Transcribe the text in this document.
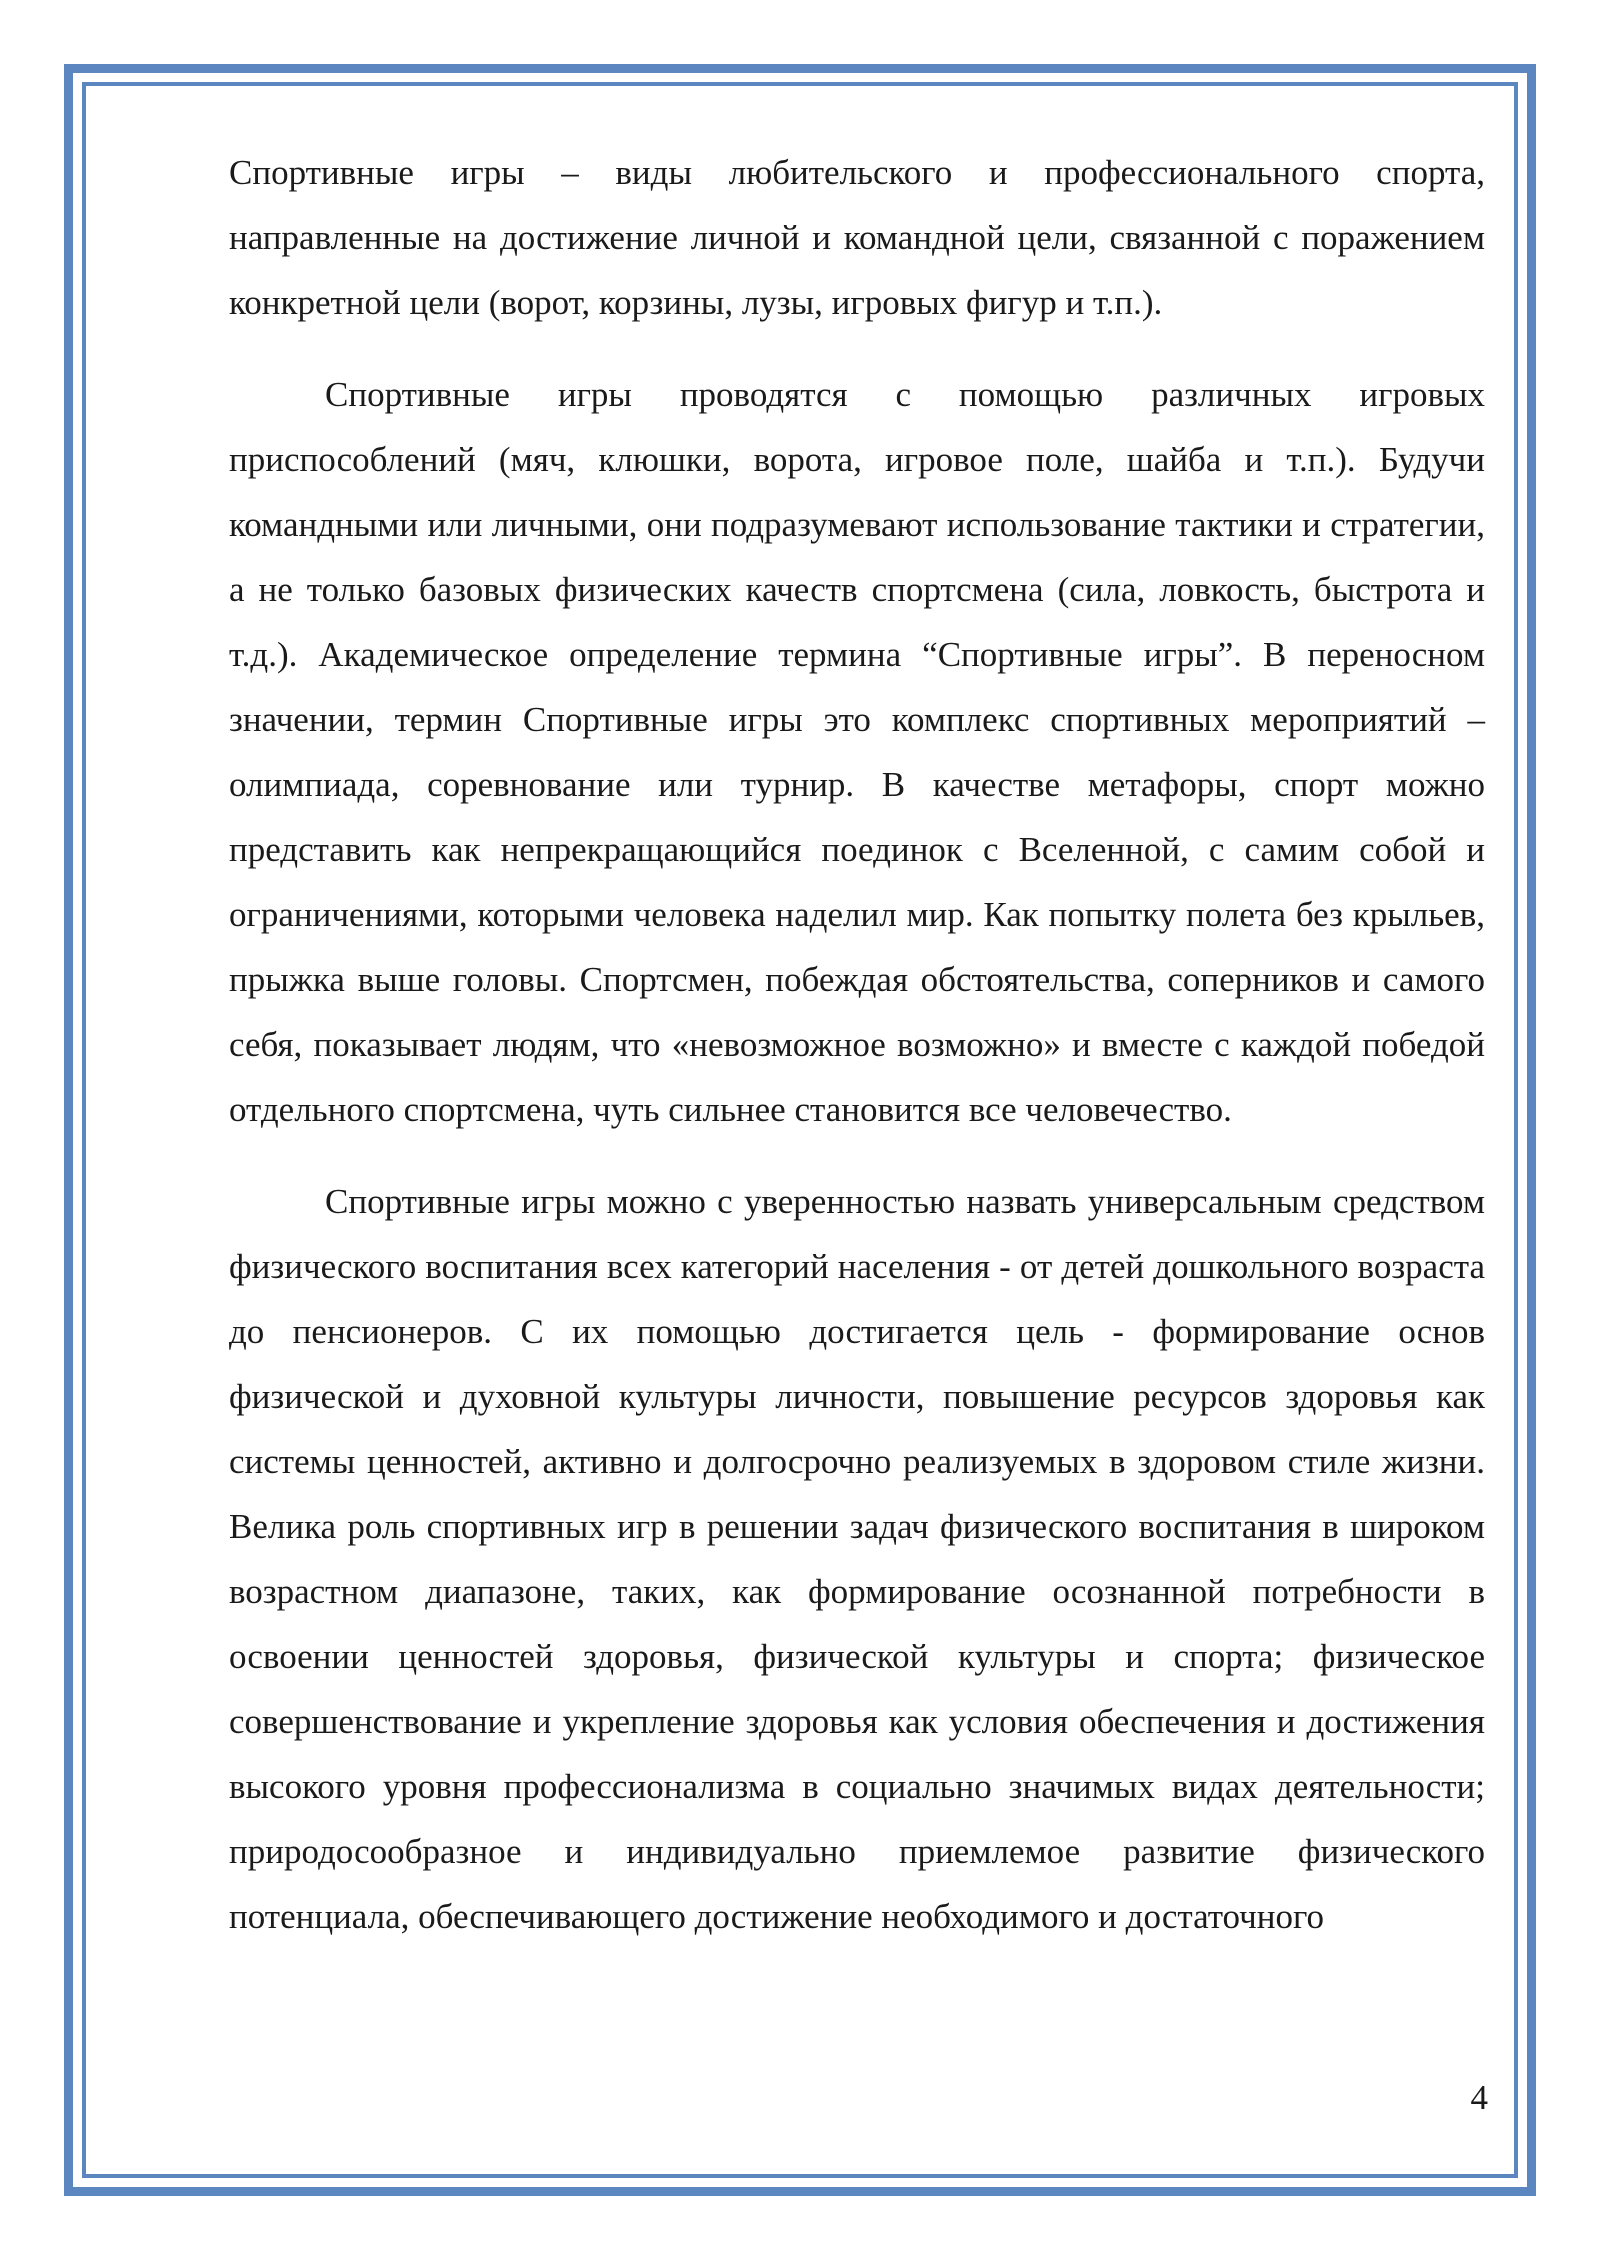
Спортивные игры – виды любительского и профессионального спорта, направленные на достижение личной и командной цели, связанной с поражением конкретной цели (ворот, корзины, лузы, игровых фигур и т.п.).

Спортивные игры проводятся с помощью различных игровых приспособлений (мяч, клюшки, ворота, игровое поле, шайба и т.п.). Будучи командными или личными, они подразумевают использование тактики и стратегии, а не только базовых физических качеств спортсмена (сила, ловкость, быстрота и т.д.). Академическое определение термина “Спортивные игры”. В переносном значении, термин Спортивные игры это комплекс спортивных мероприятий – олимпиада, соревнование или турнир. В качестве метафоры, спорт можно представить как непрекращающийся поединок с Вселенной, с самим собой и ограничениями, которыми человека наделил мир. Как попытку полета без крыльев, прыжка выше головы. Спортсмен, побеждая обстоятельства, соперников и самого себя, показывает людям, что «невозможное возможно» и вместе с каждой победой отдельного спортсмена, чуть сильнее становится все человечество.

Спортивные игры можно с уверенностью назвать универсальным средством физического воспитания всех категорий населения - от детей дошкольного возраста до пенсионеров. С их помощью достигается цель - формирование основ физической и духовной культуры личности, повышение ресурсов здоровья как системы ценностей, активно и долгосрочно реализуемых в здоровом стиле жизни. Велика роль спортивных игр в решении задач физического воспитания в широком возрастном диапазоне, таких, как формирование осознанной потребности в освоении ценностей здоровья, физической культуры и спорта; физическое совершенствование и укрепление здоровья как условия обеспечения и достижения высокого уровня профессионализма в социально значимых видах деятельности; природосообразное и индивидуально приемлемое развитие физического потенциала, обеспечивающего достижение необходимого и достаточного

4
